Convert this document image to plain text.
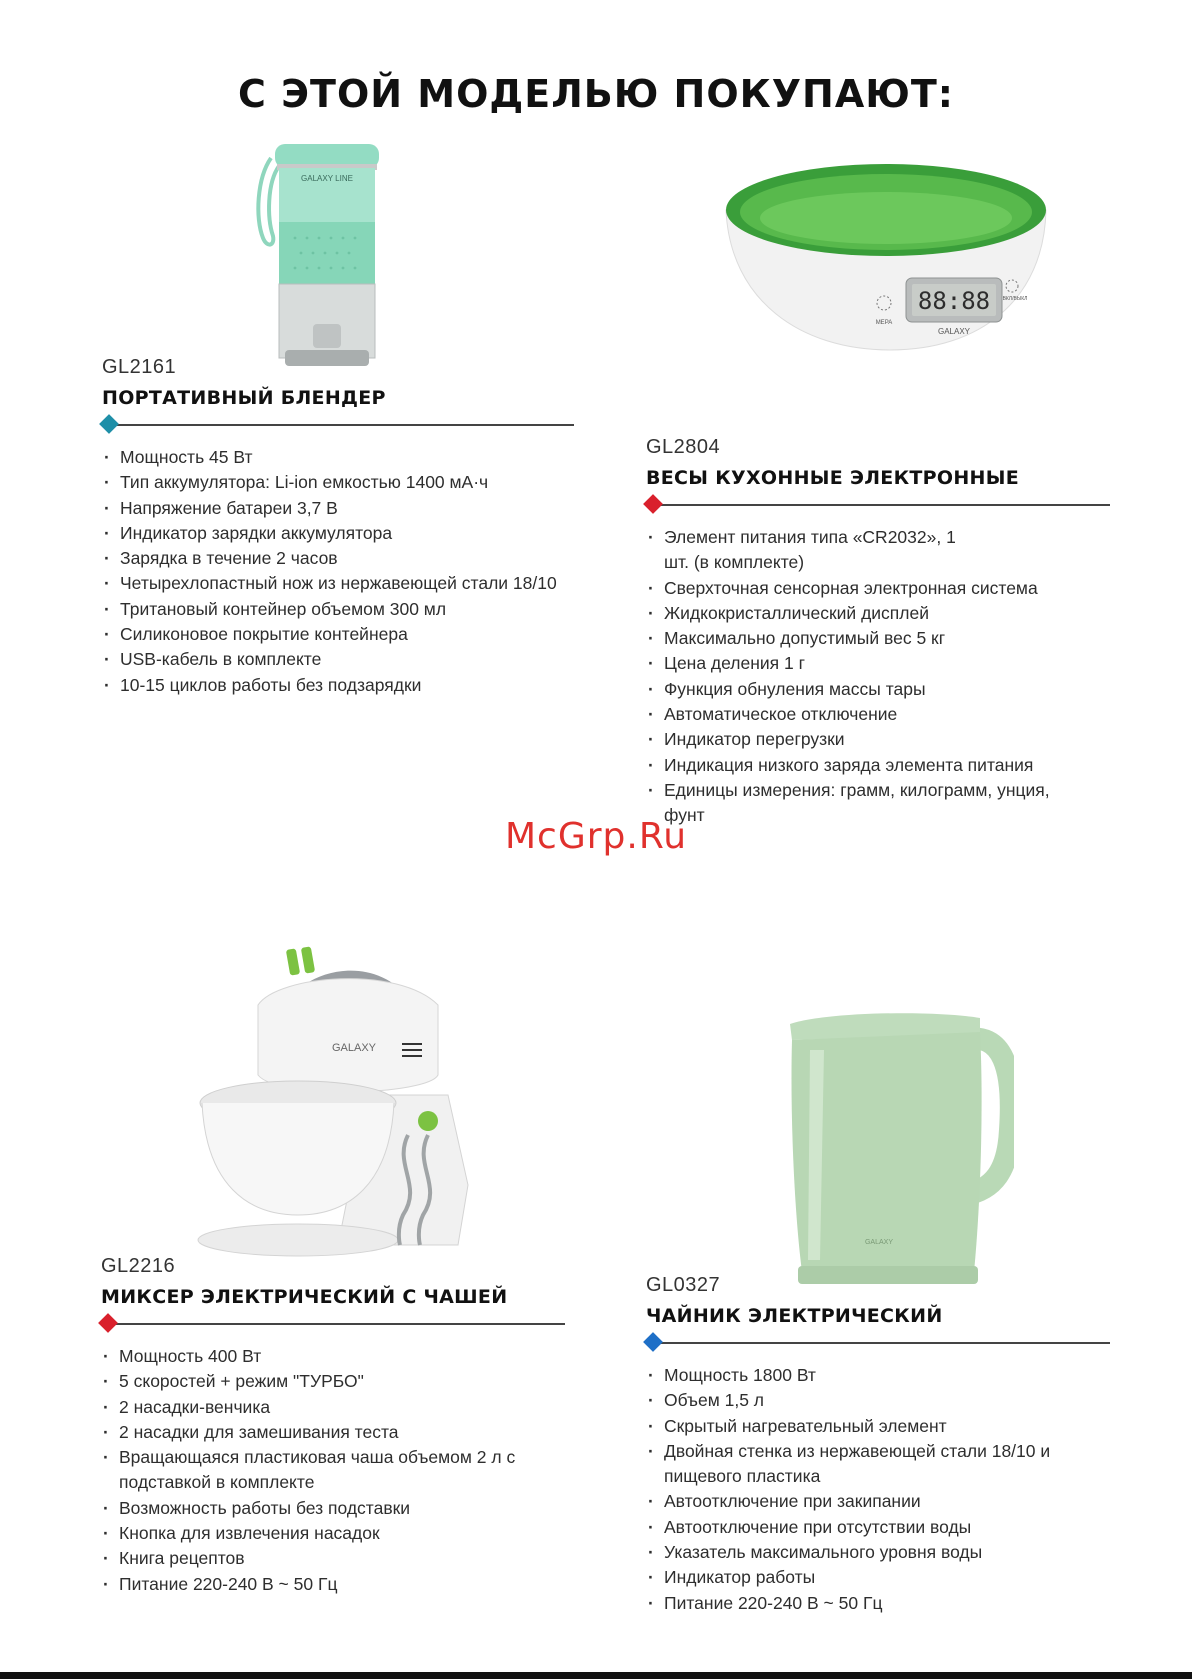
С ЭТОЙ МОДЕЛЬЮ ПОКУПАЮТ:
GALAXY LINE

GL2161

ПОРТАТИВНЫЙ БЛЕНДЕР
· Мощность 45 Вт
· Тип аккумулятора: Li-ion емкостью 1400 мА·ч
· Напряжение батареи 3,7 В
· Индикатор зарядки аккумулятора
· Зарядка в течение 2 часов
· Четырехлопастный нож из нержавеющей стали 18/10
· Тритановый контейнер объемом 300 мл
· Силиконовое покрытие контейнера
· USB-кабель в комплекте
· 10-15 циклов работы без подзарядки
88:88
МЕРА
ВКЛ/ВЫКЛ
GALAXY

GL2804

ВЕСЫ КУХОННЫЕ ЭЛЕКТРОННЫЕ
· Элемент питания типа «CR2032», 1 шт. (в комплекте)
· Сверхточная сенсорная электронная система
· Жидкокристаллический дисплей
· Максимально допустимый вес 5 кг
· Цена деления 1 г
· Функция обнуления массы тары
· Автоматическое отключение
· Индикатор перегрузки
· Индикация низкого заряда элемента питания
· Единицы измерения: грамм, килограмм, унция, фунт
McGrp.Ru
GALAXY

GL2216

МИКСЕР ЭЛЕКТРИЧЕСКИЙ С ЧАШЕЙ
· Мощность 400 Вт
· 5 скоростей + режим "ТУРБО"
· 2 насадки-венчика
· 2 насадки для замешивания теста
· Вращающаяся пластиковая чаша объемом 2 л с подставкой в комплекте
· Возможность работы без подставки
· Кнопка для извлечения насадок
· Книга рецептов
· Питание 220-240 В ~ 50 Гц
GALAXY

GL0327

ЧАЙНИК ЭЛЕКТРИЧЕСКИЙ
· Мощность 1800 Вт
· Объем 1,5 л
· Скрытый нагревательный элемент
· Двойная стенка из нержавеющей стали 18/10 и пищевого пластика
· Автоотключение при закипании
· Автоотключение при отсутствии воды
· Указатель максимального уровня воды
· Индикатор работы
· Питание 220-240 В ~ 50 Гц
